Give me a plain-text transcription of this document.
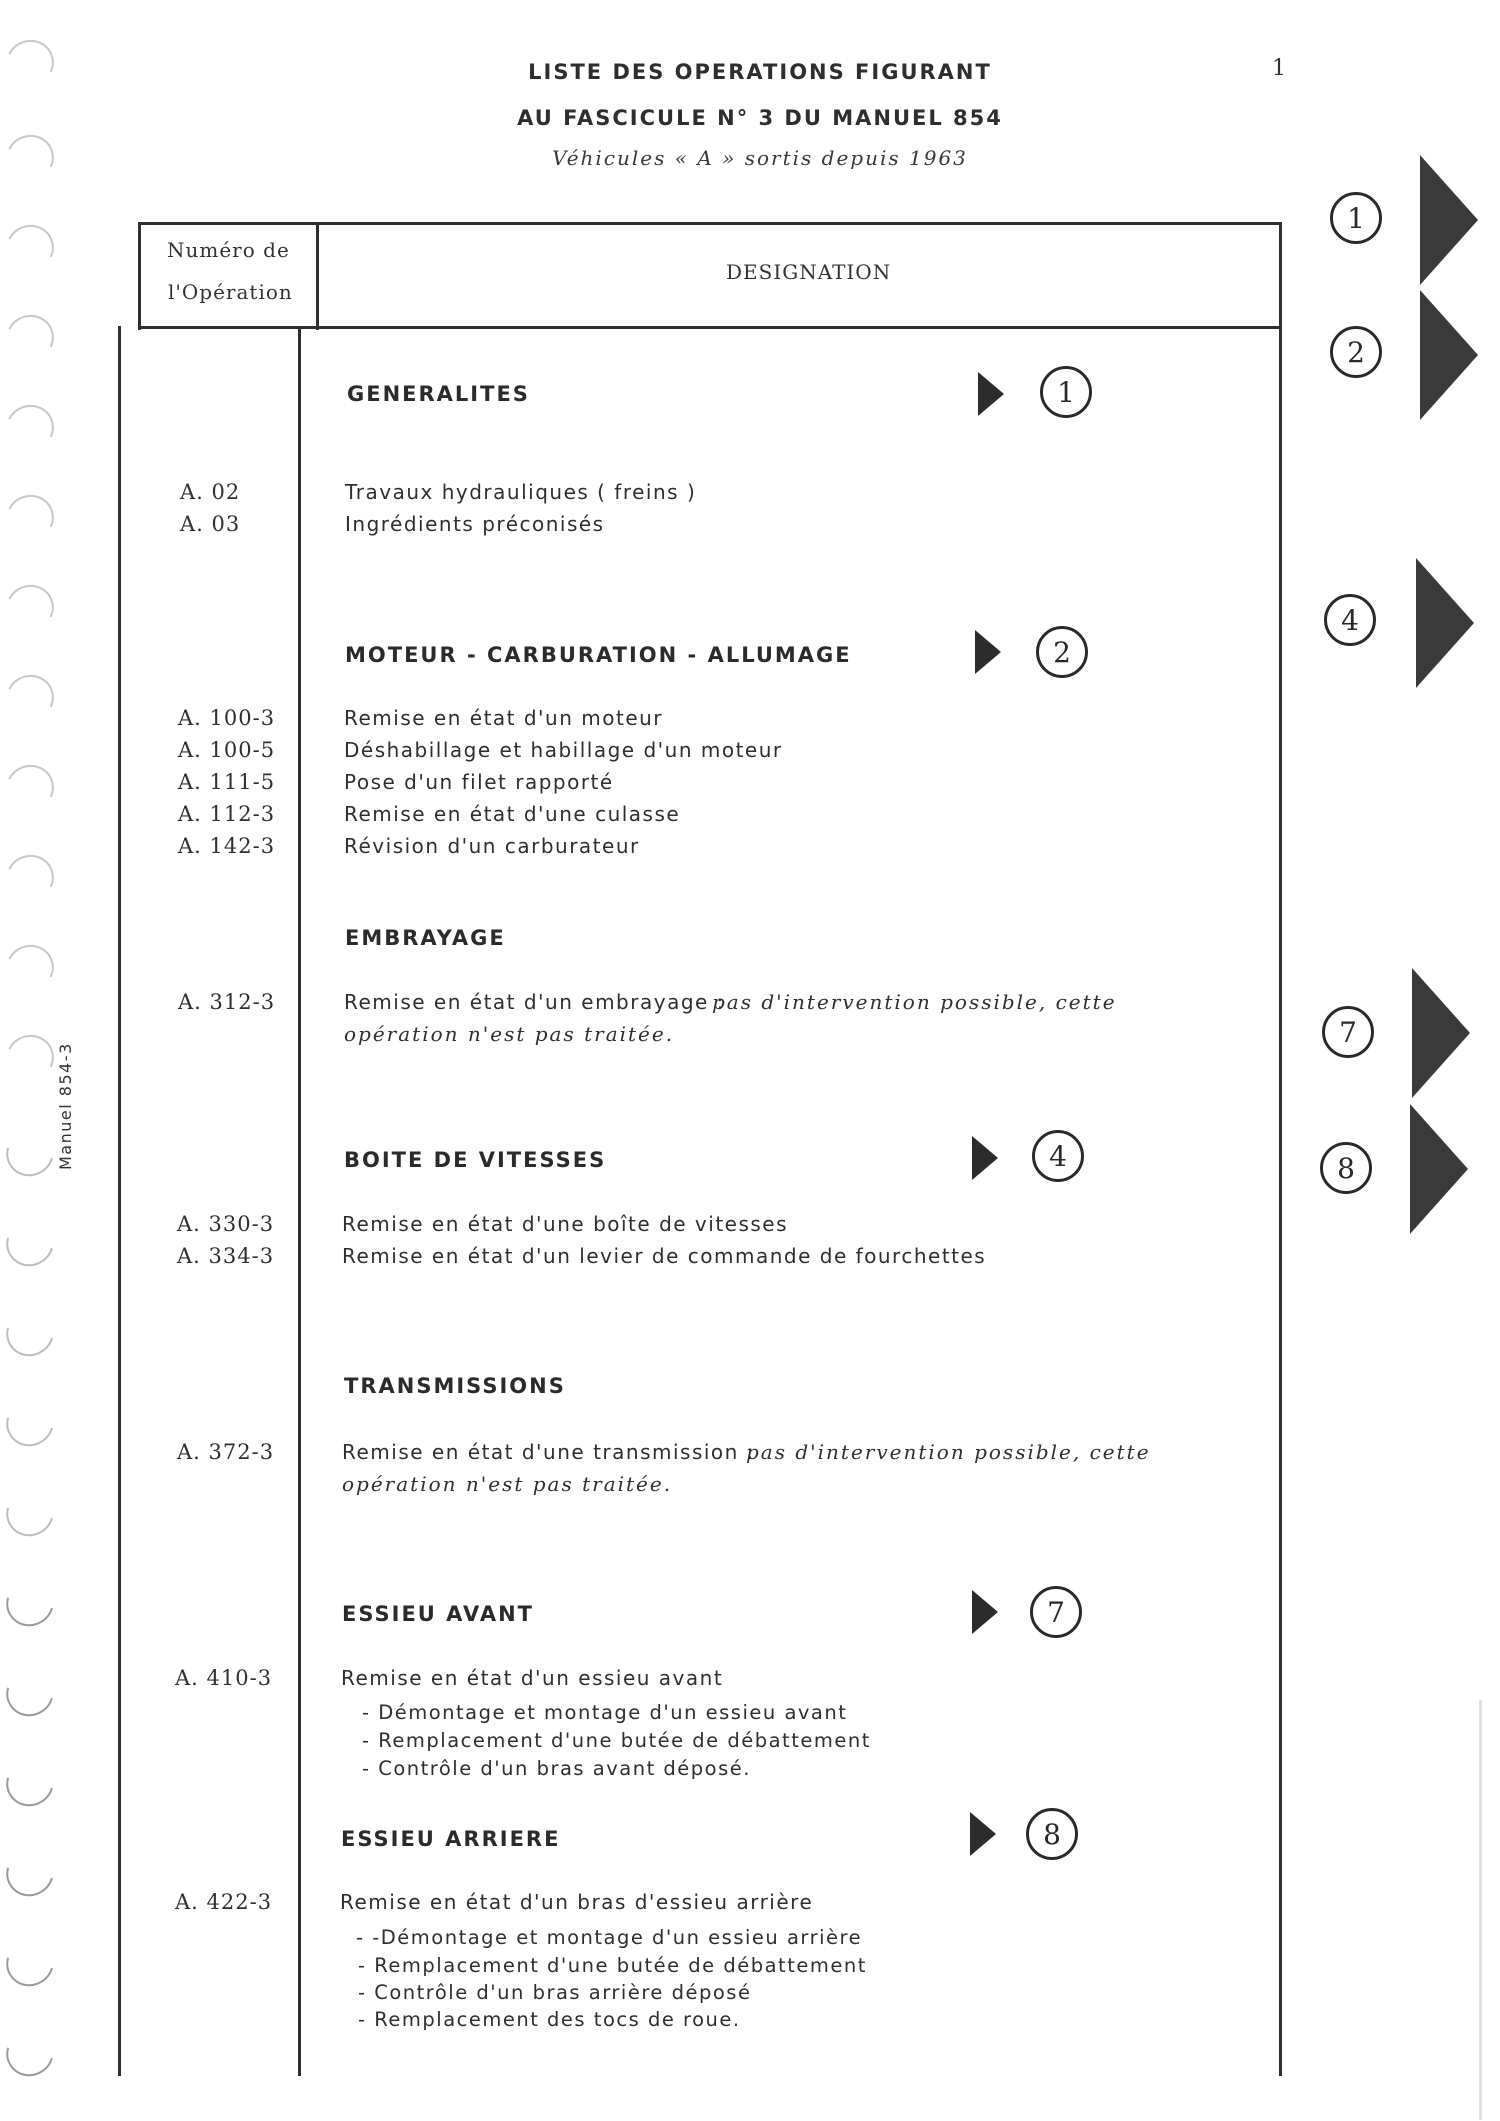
LISTE DES OPERATIONS FIGURANT
AU FASCICULE N° 3 DU MANUEL 854
Véhicules « A » sortis depuis 1963
1
Manuel 854-3
Numéro de
l'Opération
DESIGNATION
GENERALITES	1
A. 02	Travaux hydrauliques ( freins )
A. 03	Ingrédients préconisés
MOTEUR - CARBURATION - ALLUMAGE	2
A. 100-3	Remise en état d'un moteur
A. 100-5	Déshabillage et habillage d'un moteur
A. 111-5	Pose d'un filet rapporté
A. 112-3	Remise en état d'une culasse
A. 142-3	Révision d'un carburateur
EMBRAYAGE
A. 312-3	Remise en état d'un embrayage :
pas d'intervention possible, cette
opération n'est pas traitée.
BOITE DE VITESSES	4
A. 330-3	Remise en état d'une boîte de vitesses
A. 334-3	Remise en état d'un levier de commande de fourchettes
TRANSMISSIONS
A. 372-3	Remise en état d'une transmission :
pas d'intervention possible, cette
opération n'est pas traitée.
ESSIEU AVANT	7
A. 410-3	Remise en état d'un essieu avant
- Démontage et montage d'un essieu avant
- Remplacement d'une butée de débattement
- Contrôle d'un bras avant déposé.
ESSIEU ARRIERE	8
A. 422-3	Remise en état d'un bras d'essieu arrière
- -Démontage et montage d'un essieu arrière
- Remplacement d'une butée de débattement
- Contrôle d'un bras arrière déposé
- Remplacement des tocs de roue.
1
2
4
7
8
